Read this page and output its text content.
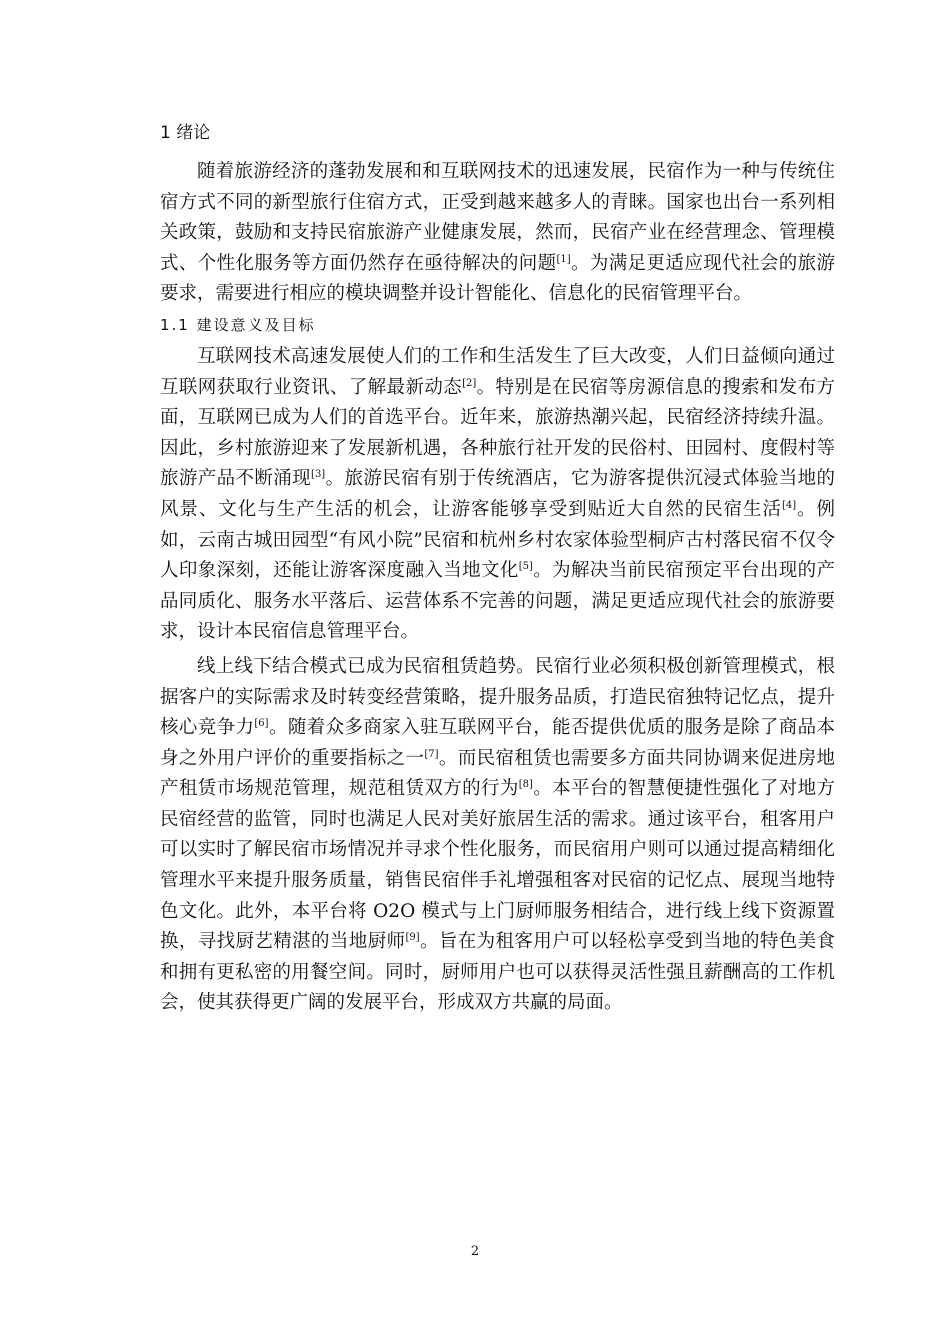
1 绪论

随着旅游经济的蓬勃发展和和互联网技术的迅速发展，民宿作为一种与传统住宿方式不同的新型旅行住宿方式，正受到越来越多人的青睐。国家也出台一系列相关政策，鼓励和支持民宿旅游产业健康发展，然而，民宿产业在经营理念、管理模式、个性化服务等方面仍然存在亟待解决的问题[1]。为满足更适应现代社会的旅游要求，需要进行相应的模块调整并设计智能化、信息化的民宿管理平台。

1.1 建设意义及目标

互联网技术高速发展使人们的工作和生活发生了巨大改变，人们日益倾向通过互联网获取行业资讯、了解最新动态[2]。特别是在民宿等房源信息的搜索和发布方面，互联网已成为人们的首选平台。近年来，旅游热潮兴起，民宿经济持续升温。因此，乡村旅游迎来了发展新机遇，各种旅行社开发的民俗村、田园村、度假村等旅游产品不断涌现[3]。旅游民宿有别于传统酒店，它为游客提供沉浸式体验当地的风景、文化与生产生活的机会，让游客能够享受到贴近大自然的民宿生活[4]。例如，云南古城田园型“有风小院”民宿和杭州乡村农家体验型桐庐古村落民宿不仅令人印象深刻，还能让游客深度融入当地文化[5]。为解决当前民宿预定平台出现的产品同质化、服务水平落后、运营体系不完善的问题，满足更适应现代社会的旅游要求，设计本民宿信息管理平台。

线上线下结合模式已成为民宿租赁趋势。民宿行业必须积极创新管理模式，根据客户的实际需求及时转变经营策略，提升服务品质，打造民宿独特记忆点，提升核心竞争力[6]。随着众多商家入驻互联网平台，能否提供优质的服务是除了商品本身之外用户评价的重要指标之一[7]。而民宿租赁也需要多方面共同协调来促进房地产租赁市场规范管理，规范租赁双方的行为[8]。本平台的智慧便捷性强化了对地方民宿经营的监管，同时也满足人民对美好旅居生活的需求。通过该平台，租客用户可以实时了解民宿市场情况并寻求个性化服务，而民宿用户则可以通过提高精细化管理水平来提升服务质量，销售民宿伴手礼增强租客对民宿的记忆点、展现当地特色文化。此外，本平台将 O2O 模式与上门厨师服务相结合，进行线上线下资源置换，寻找厨艺精湛的当地厨师[9]。旨在为租客用户可以轻松享受到当地的特色美食和拥有更私密的用餐空间。同时，厨师用户也可以获得灵活性强且薪酬高的工作机会，使其获得更广阔的发展平台，形成双方共赢的局面。

2
